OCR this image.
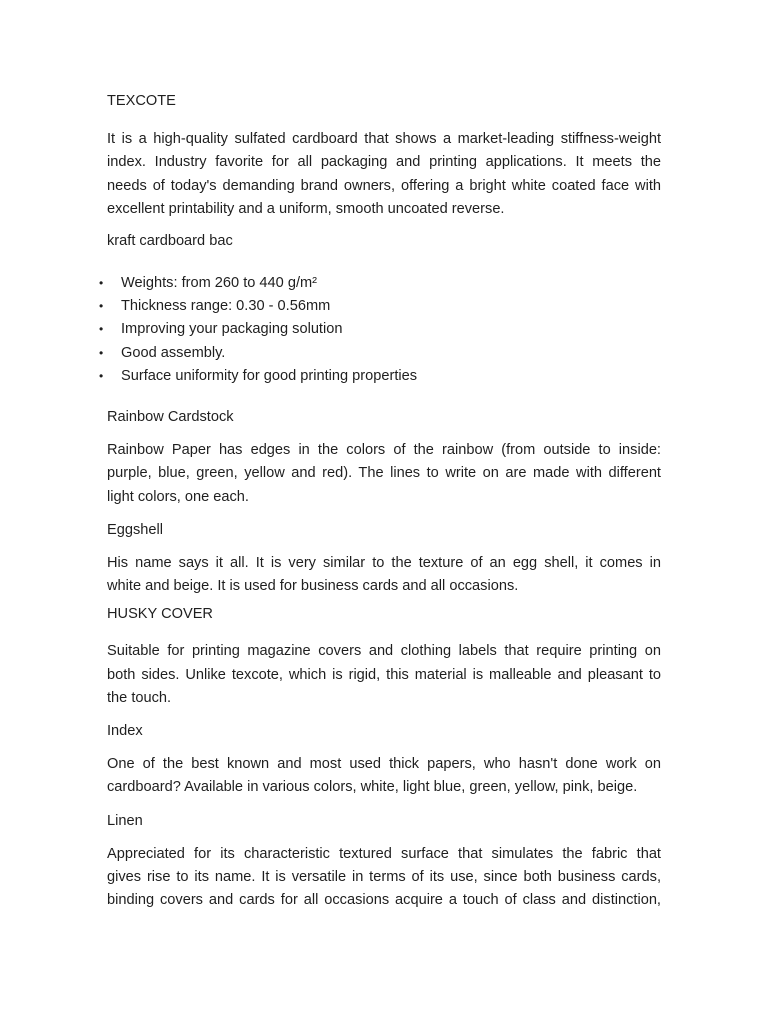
TEXCOTE
It is a high-quality sulfated cardboard that shows a market-leading stiffness-weight
index. Industry favorite for all packaging and printing applications. It meets the
needs of today's demanding brand owners, offering a bright white coated face with
excellent printability and a uniform, smooth uncoated reverse.
kraft cardboard bac
• Weights: from 260 to 440 g/m²
• Thickness range: 0.30 - 0.56mm
• Improving your packaging solution
• Good assembly.
• Surface uniformity for good printing properties
Rainbow Cardstock
Rainbow Paper has edges in the colors of the rainbow (from outside to inside:
purple, blue, green, yellow and red). The lines to write on are made with different
light colors, one each.
Eggshell
His name says it all. It is very similar to the texture of an egg shell, it comes in
white and beige. It is used for business cards and all occasions.
HUSKY COVER
Suitable for printing magazine covers and clothing labels that require printing on
both sides. Unlike texcote, which is rigid, this material is malleable and pleasant to
the touch.
Index
One of the best known and most used thick papers, who hasn't done work on
cardboard? Available in various colors, white, light blue, green, yellow, pink, beige.
Linen
Appreciated for its characteristic textured surface that simulates the fabric that
gives rise to its name. It is versatile in terms of its use, since both business cards,
binding covers and cards for all occasions acquire a touch of class and distinction,
